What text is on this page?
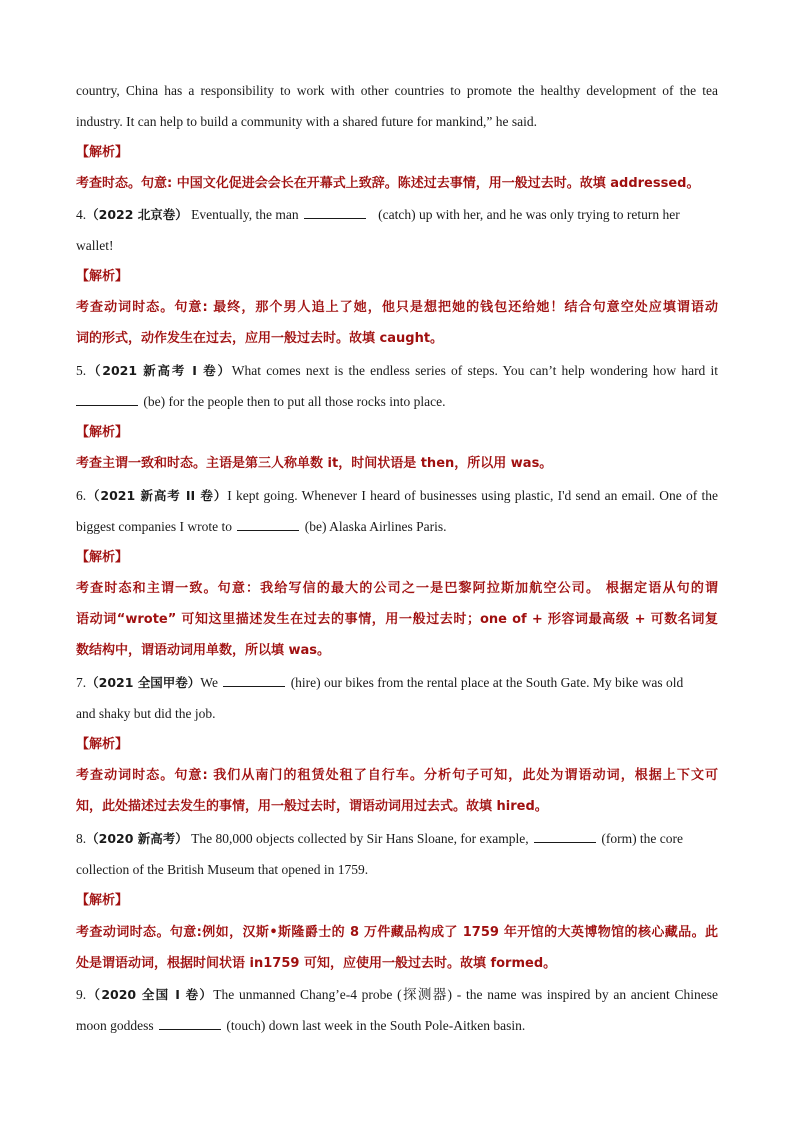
country, China has a responsibility to work with other countries to promote the healthy development of the tea
industry. It can help to build a community with a shared future for mankind,” he said.
【解析】
考查时态。句意: 中国文化促进会会长在开幕式上致辞。陈述过去事情，用一般过去时。故填 addressed。
4.（2022 北京卷） Eventually, the man	(catch) up with her, and he was only trying to return her
wallet!
【解析】
考查动词时态。句意: 最终，那个男人追上了她，他只是想把她的钱包还给她！结合句意空处应填谓语动
词的形式，动作发生在过去，应用一般过去时。故填 caught。
5.（2021 新高考 I 卷）What comes next is the endless series of steps. You can’t help wondering how hard it
(be) for the people then to put all those rocks into place.
【解析】
考查主谓一致和时态。主语是第三人称单数 it，时间状语是 then，所以用 was。
6.（2021 新高考 II 卷）I kept going. Whenever I heard of businesses using plastic, I'd send an email. One of the
biggest companies I wrote to	(be) Alaska Airlines Paris.
【解析】
考查时态和主谓一致。句意：我给写信的最大的公司之一是巴黎阿拉斯加航空公司。 根据定语从句的谓
语动词“wrote” 可知这里描述发生在过去的事情，用一般过去时；one of + 形容词最高级 + 可数名词复
数结构中，谓语动词用单数，所以填 was。
7.（2021 全国甲卷）We	(hire) our bikes from the rental place at the South Gate. My bike was old
and shaky but did the job.
【解析】
考查动词时态。句意: 我们从南门的租赁处租了自行车。分析句子可知，此处为谓语动词，根据上下文可
知，此处描述过去发生的事情，用一般过去时，谓语动词用过去式。故填 hired。
8.（2020 新高考） The 80,000 objects collected by Sir Hans Sloane, for example,	(form) the core
collection of the British Museum that opened in 1759.
【解析】
考查动词时态。句意:例如，汉斯•斯隆爵士的 8 万件藏品构成了 1759 年开馆的大英博物馆的核心藏品。此
处是谓语动词，根据时间状语 in1759 可知，应使用一般过去时。故填 formed。
9.（2020 全国 I 卷）The unmanned Chang’e-4 probe (探测器) - the name was inspired by an ancient Chinese
moon goddess	(touch) down last week in the South Pole-Aitken basin.
